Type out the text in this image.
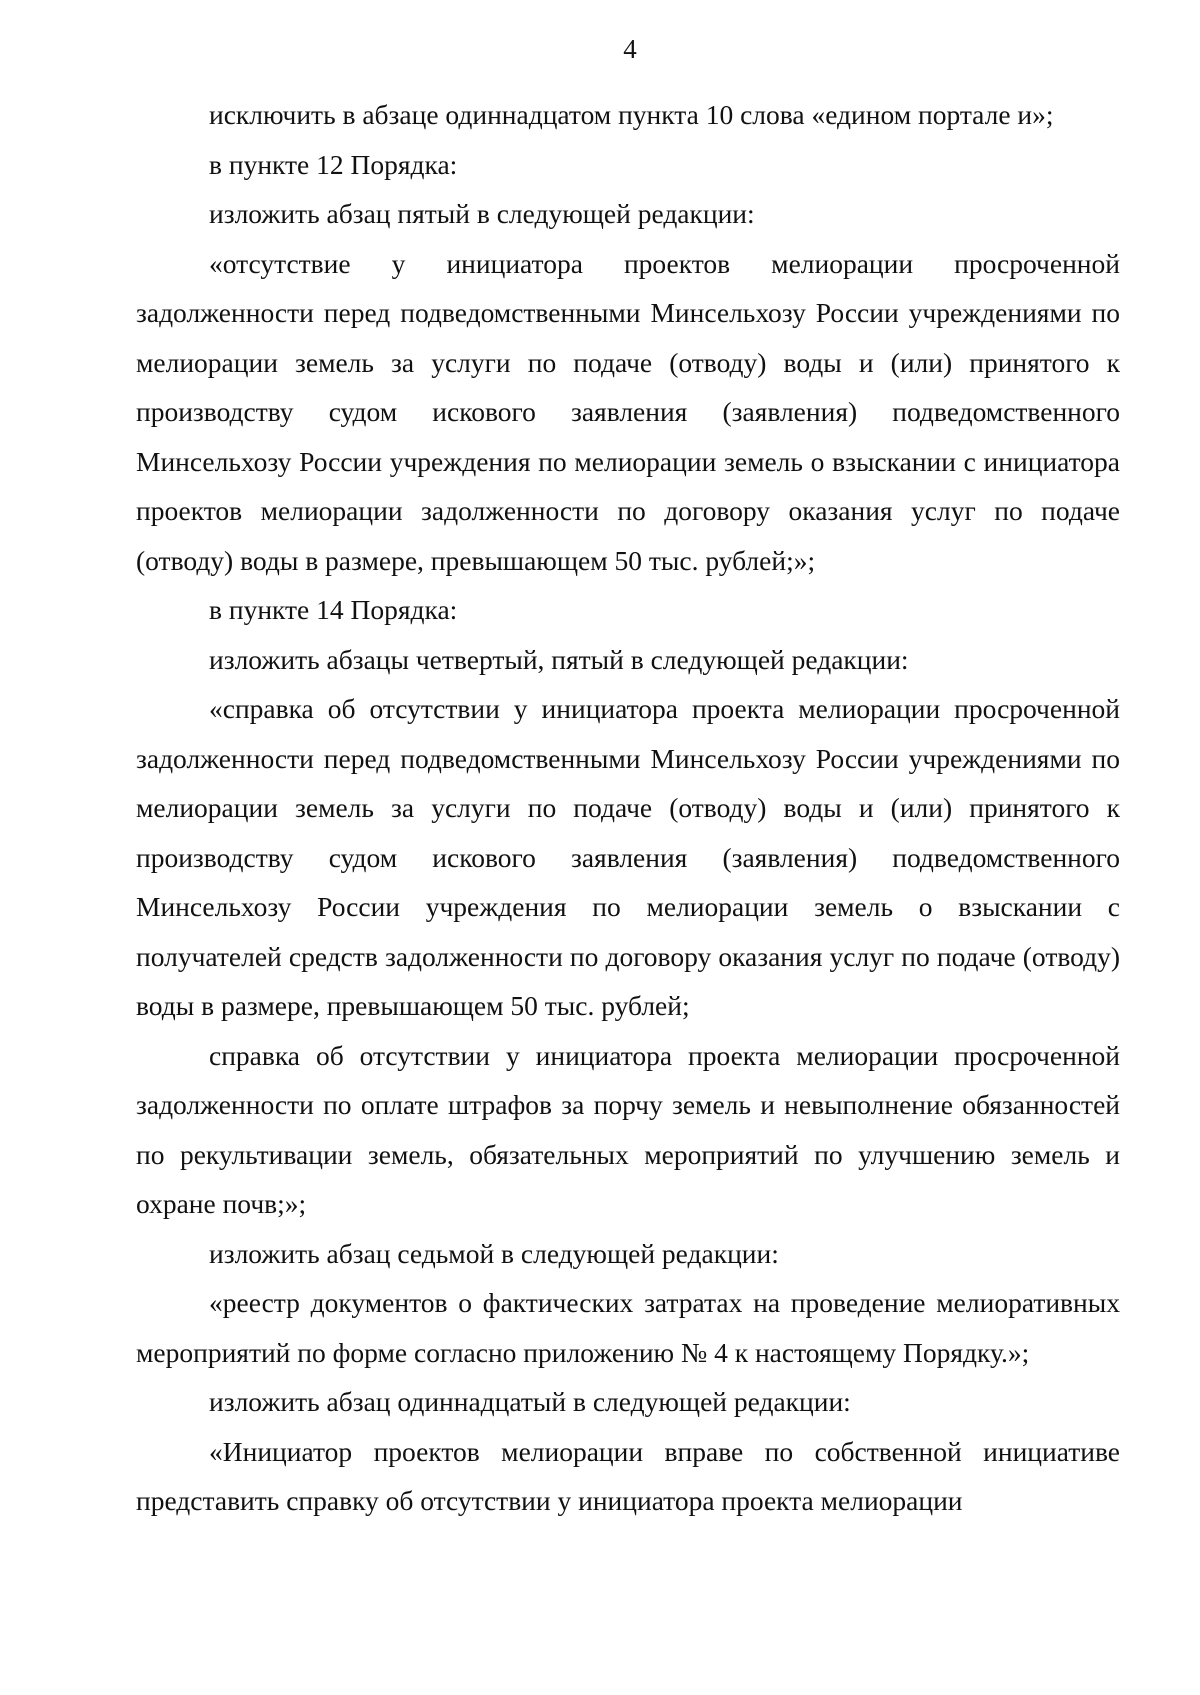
4

исключить в абзаце одиннадцатом пункта 10 слова «едином портале и»;

в пункте 12 Порядка:

изложить абзац пятый в следующей редакции:

«отсутствие у инициатора проектов мелиорации просроченной задолженности перед подведомственными Минсельхозу России учреждениями по мелиорации земель за услуги по подаче (отводу) воды и (или) принятого к производству судом искового заявления (заявления) подведомственного Минсельхозу России учреждения по мелиорации земель о взыскании с инициатора проектов мелиорации задолженности по договору оказания услуг по подаче (отводу) воды в размере, превышающем 50 тыс. рублей;»;

в пункте 14 Порядка:

изложить абзацы четвертый, пятый в следующей редакции:

«справка об отсутствии у инициатора проекта мелиорации просроченной задолженности перед подведомственными Минсельхозу России учреждениями по мелиорации земель за услуги по подаче (отводу) воды и (или) принятого к производству судом искового заявления (заявления) подведомственного Минсельхозу России учреждения по мелиорации земель о взыскании с получателей средств задолженности по договору оказания услуг по подаче (отводу) воды в размере, превышающем 50 тыс. рублей;

справка об отсутствии у инициатора проекта мелиорации просроченной задолженности по оплате штрафов за порчу земель и невыполнение обязанностей по рекультивации земель, обязательных мероприятий по улучшению земель и охране почв;»;

изложить абзац седьмой в следующей редакции:

«реестр документов о фактических затратах на проведение мелиоративных мероприятий по форме согласно приложению № 4 к настоящему Порядку.»;

изложить абзац одиннадцатый в следующей редакции:

«Инициатор проектов мелиорации вправе по собственной инициативе представить справку об отсутствии у инициатора проекта мелиорации
